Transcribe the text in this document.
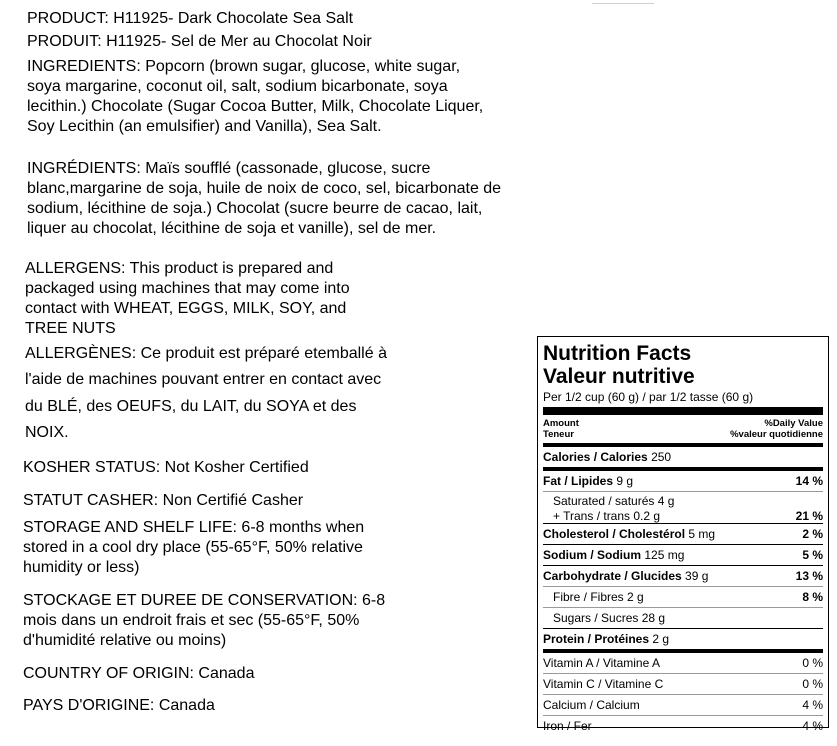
PRODUCT: H11925- Dark Chocolate Sea Salt

PRODUIT: H11925- Sel de Mer au Chocolat Noir

INGREDIENTS: Popcorn (brown sugar, glucose, white sugar,

soya margarine, coconut oil, salt, sodium bicarbonate, soya

lecithin.) Chocolate (Sugar Cocoa Butter, Milk, Chocolate Liquer,

Soy Lecithin (an emulsifier) and Vanilla), Sea Salt.

INGRÉDIENTS: Maïs soufflé (cassonade, glucose, sucre

blanc,margarine de soja, huile de noix de coco, sel, bicarbonate de

sodium, lécithine de soja.) Chocolat (sucre beurre de cacao, lait,

liquer au chocolat, lécithine de soja et vanille), sel de mer.

ALLERGENS: This product is prepared and

packaged using machines that may come into

contact with WHEAT, EGGS, MILK, SOY, and

TREE NUTS

ALLERGÈNES: Ce produit est préparé etemballé à

l'aide de machines pouvant entrer en contact avec

du BLÉ, des OEUFS, du LAIT, du SOYA et des

NOIX.

KOSHER STATUS: Not Kosher Certified

STATUT CASHER: Non Certifié Casher

STORAGE AND SHELF LIFE: 6-8 months when

stored in a cool dry place (55-65°F, 50% relative

humidity or less)

STOCKAGE ET DUREE DE CONSERVATION: 6-8

mois dans un endroit frais et sec (55-65°F, 50%

d'humidité relative ou moins)

COUNTRY OF ORIGIN: Canada

PAYS D'ORIGINE: Canada

Nutrition Facts

Valeur nutritive

Per 1/2 cup (60 g) / par 1/2 tasse (60 g)
Amount
Teneur
%Daily Value
%valeur quotidienne
Calories / Calories 250
Fat / Lipides 9 g	14 %
Saturated / saturés 4 g
+ Trans / trans 0.2 g	21 %
Cholesterol / Cholestérol 5 mg	2 %
Sodium / Sodium 125 mg	5 %
Carbohydrate / Glucides 39 g	13 %
Fibre / Fibres 2 g	8 %
Sugars / Sucres 28 g
Protein / Protéines 2 g
Vitamin A / Vitamine A	0 %
Vitamin C / Vitamine C	0 %
Calcium / Calcium	4 %
Iron / Fer	4 %
